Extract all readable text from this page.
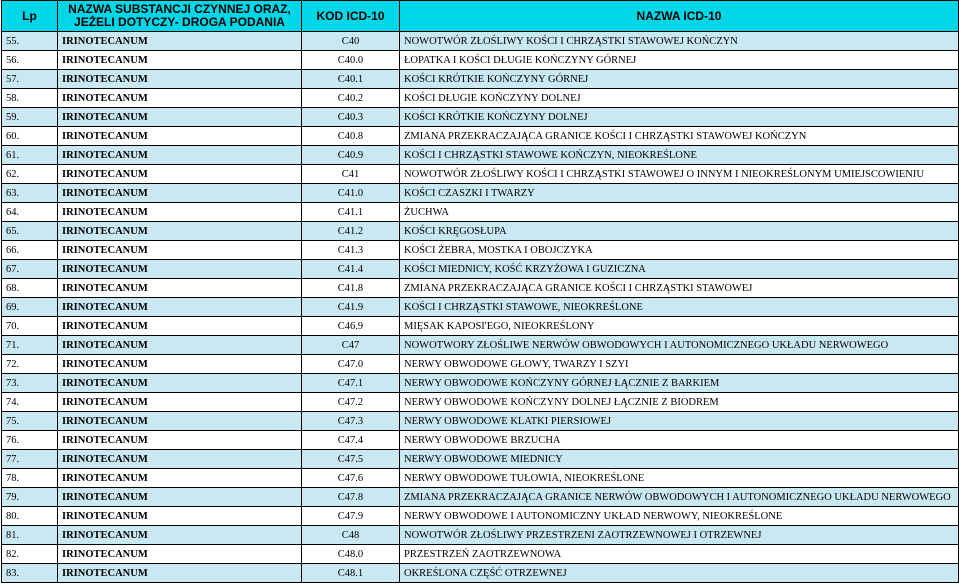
Lp	NAZWA SUBSTANCJI CZYNNEJ ORAZ,
JEŻELI DOTYCZY- DROGA PODANIA	KOD ICD-10	NAZWA ICD-10
55.	IRINOTECANUM	C40	NOWOTWÓR ZŁOŚLIWY KOŚCI I CHRZĄSTKI STAWOWEJ KOŃCZYN
56.	IRINOTECANUM	C40.0	ŁOPATKA I KOŚCI DŁUGIE KOŃCZYNY GÓRNEJ
57.	IRINOTECANUM	C40.1	KOŚCI KRÓTKIE KOŃCZYNY GÓRNEJ
58.	IRINOTECANUM	C40.2	KOŚCI DŁUGIE KOŃCZYNY DOLNEJ
59.	IRINOTECANUM	C40.3	KOŚCI KRÓTKIE KOŃCZYNY DOLNEJ
60.	IRINOTECANUM	C40.8	ZMIANA PRZEKRACZAJĄCA GRANICE KOŚCI I CHRZĄSTKI STAWOWEJ KOŃCZYN
61.	IRINOTECANUM	C40.9	KOŚCI I CHRZĄSTKI STAWOWE KOŃCZYN, NIEOKREŚLONE
62.	IRINOTECANUM	C41	NOWOTWÓR ZŁOŚLIWY KOŚCI I CHRZĄSTKI STAWOWEJ O INNYM I NIEOKREŚLONYM UMIEJSCOWIENIU
63.	IRINOTECANUM	C41.0	KOŚCI CZASZKI I TWARZY
64.	IRINOTECANUM	C41.1	ŻUCHWA
65.	IRINOTECANUM	C41.2	KOŚCI KRĘGOSŁUPA
66.	IRINOTECANUM	C41.3	KOŚCI ŻEBRA, MOSTKA I OBOJCZYKA
67.	IRINOTECANUM	C41.4	KOŚCI MIEDNICY, KOŚĆ KRZYŻOWA I GUZICZNA
68.	IRINOTECANUM	C41.8	ZMIANA PRZEKRACZAJĄCA GRANICE KOŚCI I CHRZĄSTKI STAWOWEJ
69.	IRINOTECANUM	C41.9	KOŚCI I CHRZĄSTKI STAWOWE, NIEOKREŚLONE
70.	IRINOTECANUM	C46.9	MIĘSAK KAPOSI'EGO, NIEOKREŚLONY
71.	IRINOTECANUM	C47	NOWOTWORY ZŁOŚLIWE NERWÓW OBWODOWYCH I AUTONOMICZNEGO UKŁADU NERWOWEGO
72.	IRINOTECANUM	C47.0	NERWY OBWODOWE GŁOWY, TWARZY I SZYI
73.	IRINOTECANUM	C47.1	NERWY OBWODOWE KOŃCZYNY GÓRNEJ ŁĄCZNIE Z BARKIEM
74.	IRINOTECANUM	C47.2	NERWY OBWODOWE KOŃCZYNY DOLNEJ ŁĄCZNIE Z BIODREM
75.	IRINOTECANUM	C47.3	NERWY OBWODOWE KLATKI PIERSIOWEJ
76.	IRINOTECANUM	C47.4	NERWY OBWODOWE BRZUCHA
77.	IRINOTECANUM	C47.5	NERWY OBWODOWE MIEDNICY
78.	IRINOTECANUM	C47.6	NERWY OBWODOWE TUŁOWIA, NIEOKREŚLONE
79.	IRINOTECANUM	C47.8	ZMIANA PRZEKRACZAJĄCA GRANICE NERWÓW OBWODOWYCH I AUTONOMICZNEGO UKŁADU NERWOWEGO
80.	IRINOTECANUM	C47.9	NERWY OBWODOWE I AUTONOMICZNY UKŁAD NERWOWY, NIEOKREŚLONE
81.	IRINOTECANUM	C48	NOWOTWÓR ZŁOŚLIWY PRZESTRZENI ZAOTRZEWNOWEJ I OTRZEWNEJ
82.	IRINOTECANUM	C48.0	PRZESTRZEŃ ZAOTRZEWNOWA
83.	IRINOTECANUM	C48.1	OKREŚLONA CZĘŚĆ OTRZEWNEJ
